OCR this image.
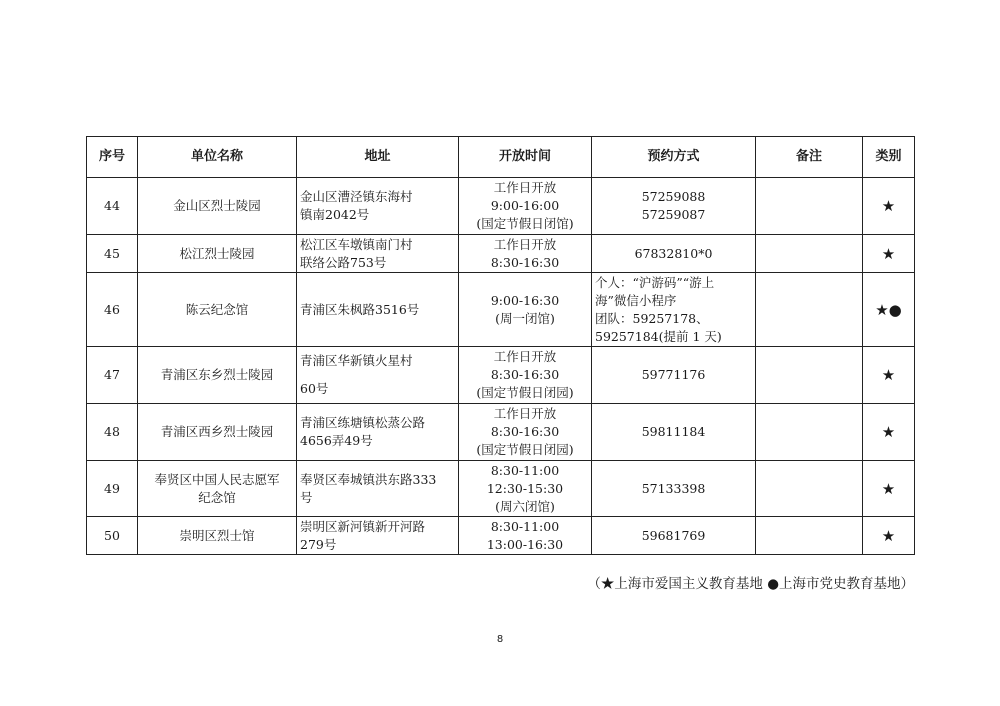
序号	单位名称	地址	开放时间	预约方式	备注	类别
44	金山区烈士陵园	金山区漕泾镇东海村
镇南2042号	工作日开放
9:00-16:00
(国定节假日闭馆)	57259088
57259087		★
45	松江烈士陵园	松江区车墩镇南门村
联络公路753号	工作日开放
8:30-16:30	67832810*0		★
46	陈云纪念馆	青浦区朱枫路3516号	9:00-16:30
(周一闭馆)	个人：“沪游码”“游上
海”微信小程序
团队：59257178、
59257184(提前 1 天)		★●
47	青浦区东乡烈士陵园	青浦区华新镇火星村
60号	工作日开放
8:30-16:30
(国定节假日闭园)	59771176		★
48	青浦区西乡烈士陵园	青浦区练塘镇松蒸公路
4656弄49号	工作日开放
8:30-16:30
(国定节假日闭园)	59811184		★
49	奉贤区中国人民志愿军
纪念馆	奉贤区奉城镇洪东路333
号	8:30-11:00
12:30-15:30
(周六闭馆)	57133398		★
50	崇明区烈士馆	崇明区新河镇新开河路
279号	8:30-11:00
13:00-16:30	59681769		★
（★上海市爱国主义教育基地 ●上海市党史教育基地）
8
